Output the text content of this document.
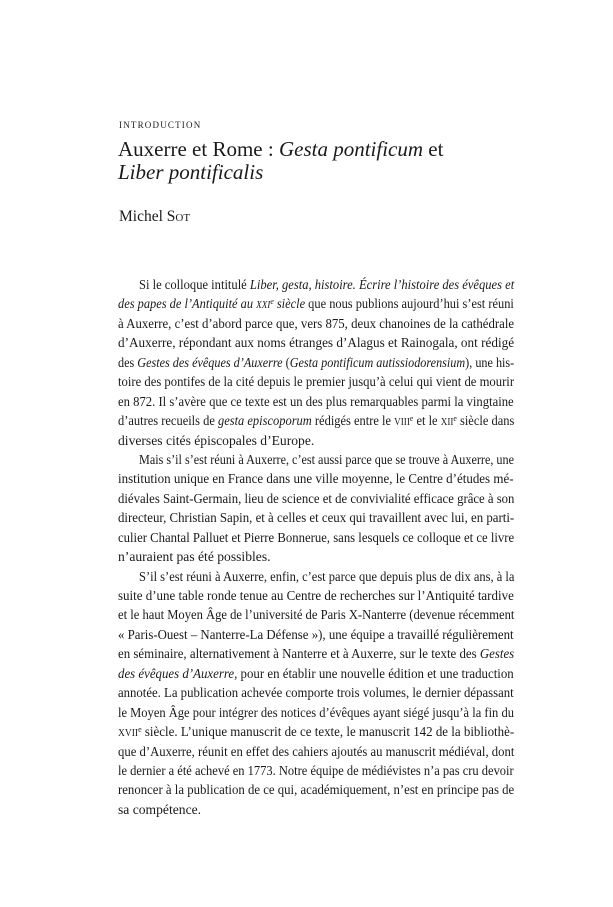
introduction
Auxerre et Rome : Gesta pontificum et
Liber pontificalis
Michel Sot
Si le colloque intitulé Liber, gesta, histoire. Écrire l’histoire des évêques et
des papes de l’Antiquité au xxi$^e$ siècle que nous publions aujourd’hui s’est réuni
à Auxerre, c’est d’abord parce que, vers 875, deux chanoines de la cathédrale
d’Auxerre, répondant aux noms étranges d’Alagus et Rainogala, ont rédigé
des Gestes des évêques d’Auxerre (Gesta pontificum autissiodorensium), une his-
toire des pontifes de la cité depuis le premier jusqu’à celui qui vient de mourir
en 872. Il s’avère que ce texte est un des plus remarquables parmi la vingtaine
d’autres recueils de gesta episcoporum rédigés entre le viii$^e$ et le xii$^e$ siècle dans
diverses cités épiscopales d’Europe.
Mais s’il s’est réuni à Auxerre, c’est aussi parce que se trouve à Auxerre, une
institution unique en France dans une ville moyenne, le Centre d’études mé-
diévales Saint-Germain, lieu de science et de convivialité efficace grâce à son
directeur, Christian Sapin, et à celles et ceux qui travaillent avec lui, en parti-
culier Chantal Palluet et Pierre Bonnerue, sans lesquels ce colloque et ce livre
n’auraient pas été possibles.
S’il s’est réuni à Auxerre, enfin, c’est parce que depuis plus de dix ans, à la
suite d’une table ronde tenue au Centre de recherches sur l’Antiquité tardive
et le haut Moyen Âge de l’université de Paris X-Nanterre (devenue récemment
« Paris-Ouest – Nanterre-La Défense »), une équipe a travaillé régulièrement
en séminaire, alternativement à Nanterre et à Auxerre, sur le texte des Gestes
des évêques d’Auxerre, pour en établir une nouvelle édition et une traduction
annotée. La publication achevée comporte trois volumes, le dernier dépassant
le Moyen Âge pour intégrer des notices d’évêques ayant siégé jusqu’à la fin du
xvii$^e$ siècle. L’unique manuscrit de ce texte, le manuscrit 142 de la bibliothè-
que d’Auxerre, réunit en effet des cahiers ajoutés au manuscrit médiéval, dont
le dernier a été achevé en 1773. Notre équipe de médiévistes n’a pas cru devoir
renoncer à la publication de ce qui, académiquement, n’est en principe pas de
sa compétence.
